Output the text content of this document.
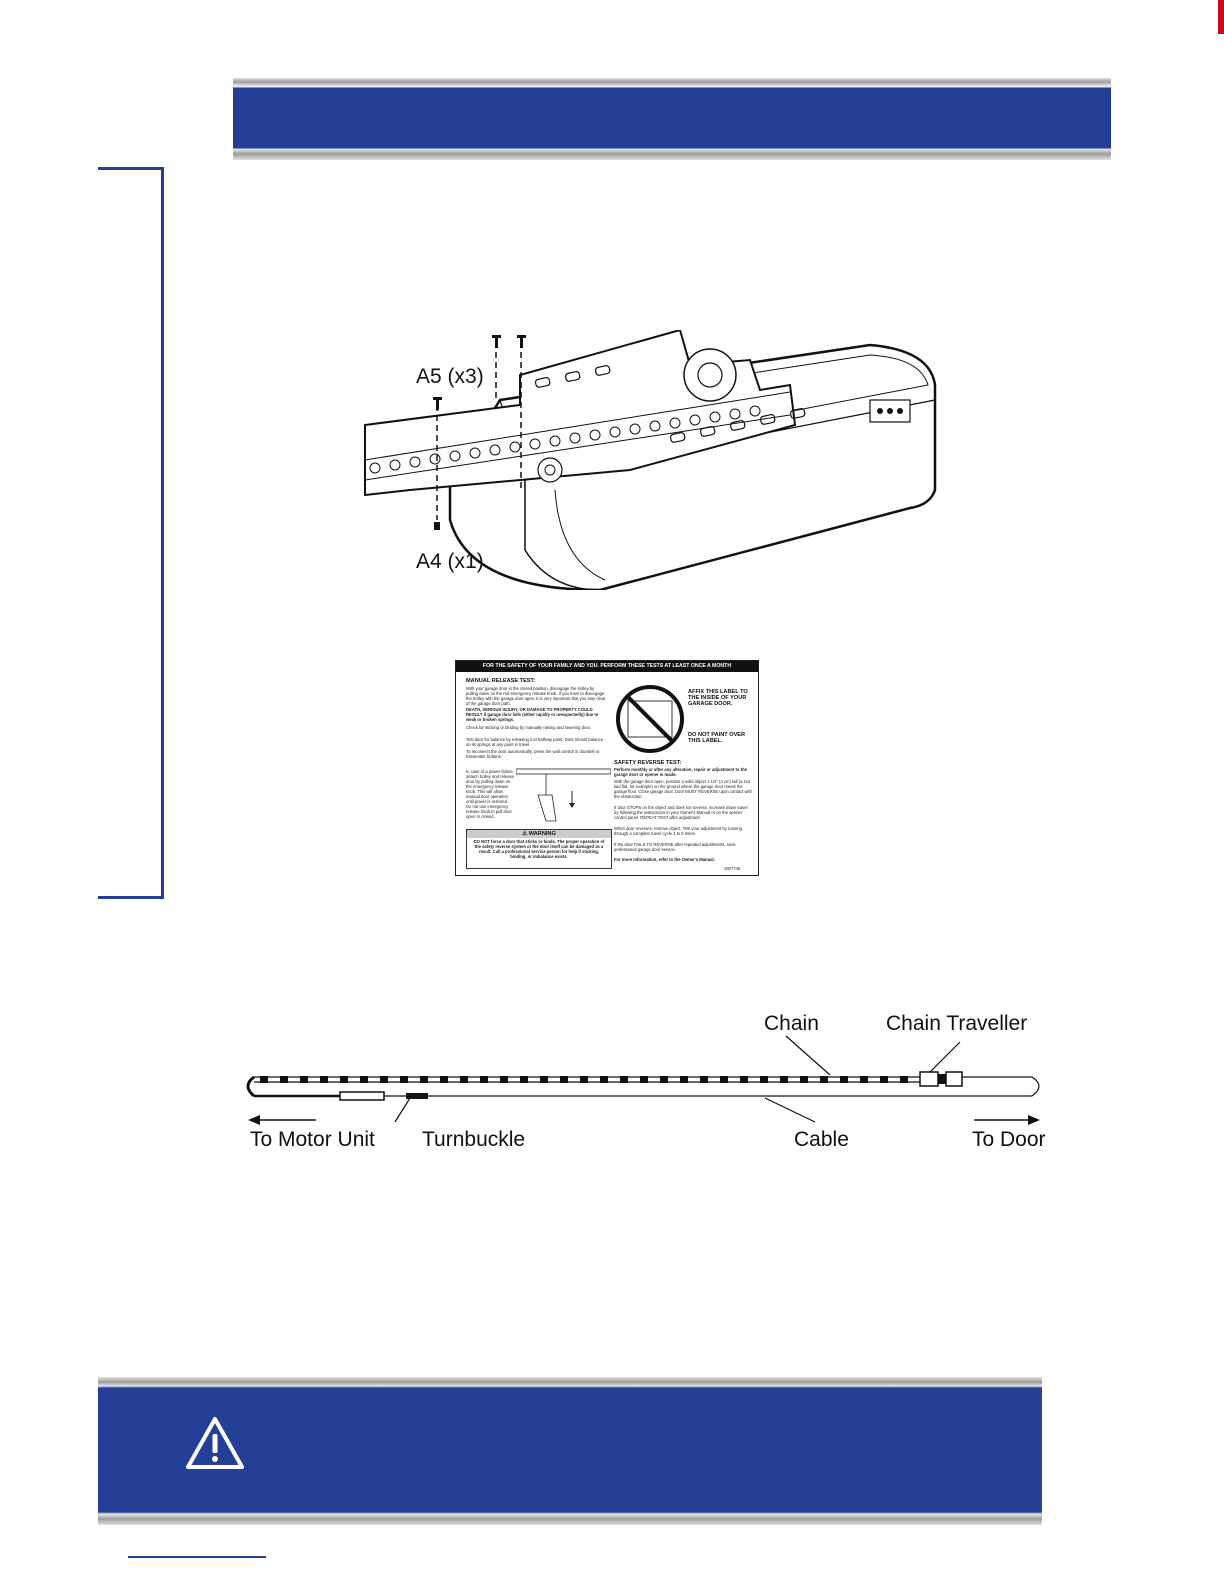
A5 (x3)
A4 (x1)
FOR THE SAFETY OF YOUR FAMILY AND YOU. PERFORM THESE TESTS AT LEAST ONCE A MONTH
MANUAL RELEASE TEST:
With your garage door in the closed position, disengage the trolley by pulling down on the red emergency release knob. If you have to disengage the trolley with the garage door open, it is very important that you stay clear of the garage door path.
DEATH, SERIOUS INJURY, OR DAMAGE TO PROPERTY COULD RESULT if garage door falls (either rapidly or unexpectedly) due to weak or broken springs.
Check for sticking or binding by manually raising and lowering door.
Test door for balance by releasing it at halfway point. Door should balance on its springs at any point in travel.
To reconnect the door automatically, press the wall control or doorbell or transmitter buttons.
In case of a power failure, detach trolley and release door by pulling down on the emergency release knob. This will allow manual door operation until power is restored. Do not use emergency release knob to pull door open or closed.
⚠ WARNING
DO NOT force a door that sticks or binds. The proper operation of the safety reverse system or the door itself can be damaged as a result. Call a professional service person for help if sticking, binding, or imbalance exists.
AFFIX THIS LABEL TO THE INSIDE OF YOUR GARAGE DOOR.
DO NOT PAINT OVER THIS LABEL.
SAFETY REVERSE TEST:
Perform monthly or after any alteration, repair or adjustment to the garage door or opener is made.
With the garage door open, position a solid object 1 1/2" (4 cm) tall (a 2x4 laid flat, for example) on the ground where the garage door meets the garage floor. Close garage door. Door MUST REVERSE upon contact with the obstruction.
If door STOPS on the object and does not reverse, increase down travel by following the instructions in your Owner's Manual or on the opener control panel. REPEAT TEST after adjustment.
When door reverses, remove object. Test your adjustment by running through a complete travel cycle 3 to 5 times.
If the door FAILS TO REVERSE after repeated adjustments, seek professional garage door service.
For more information, refer to the Owner's Manual.
1807746
Chain	Chain Traveller
To Motor Unit Turnbuckle	Cable	To Door
